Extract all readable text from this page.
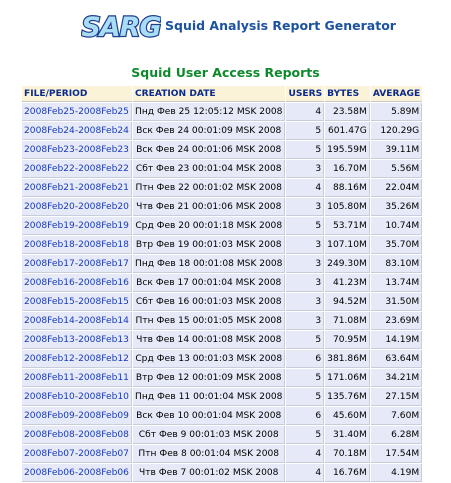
SARG Squid Analysis Report Generator
Squid User Access Reports
FILE/PERIOD	CREATION DATE	USERS	BYTES	AVERAGE
2008Feb25-2008Feb25	Пнд Фев 25 12:05:12 MSK 2008	4	23.58M	5.89M
2008Feb24-2008Feb24	Вск Фев 24 00:01:09 MSK 2008	5	601.47G	120.29G
2008Feb23-2008Feb23	Вск Фев 24 00:01:06 MSK 2008	5	195.59M	39.11M
2008Feb22-2008Feb22	Сбт Фев 23 00:01:04 MSK 2008	3	16.70M	5.56M
2008Feb21-2008Feb21	Птн Фев 22 00:01:02 MSK 2008	4	88.16M	22.04M
2008Feb20-2008Feb20	Чтв Фев 21 00:01:06 MSK 2008	3	105.80M	35.26M
2008Feb19-2008Feb19	Срд Фев 20 00:01:18 MSK 2008	5	53.71M	10.74M
2008Feb18-2008Feb18	Втр Фев 19 00:01:03 MSK 2008	3	107.10M	35.70M
2008Feb17-2008Feb17	Пнд Фев 18 00:01:08 MSK 2008	3	249.30M	83.10M
2008Feb16-2008Feb16	Вск Фев 17 00:01:04 MSK 2008	3	41.23M	13.74M
2008Feb15-2008Feb15	Сбт Фев 16 00:01:03 MSK 2008	3	94.52M	31.50M
2008Feb14-2008Feb14	Птн Фев 15 00:01:05 MSK 2008	3	71.08M	23.69M
2008Feb13-2008Feb13	Чтв Фев 14 00:01:08 MSK 2008	5	70.95M	14.19M
2008Feb12-2008Feb12	Срд Фев 13 00:01:03 MSK 2008	6	381.86M	63.64M
2008Feb11-2008Feb11	Втр Фев 12 00:01:09 MSK 2008	5	171.06M	34.21M
2008Feb10-2008Feb10	Пнд Фев 11 00:01:04 MSK 2008	5	135.76M	27.15M
2008Feb09-2008Feb09	Вск Фев 10 00:01:04 MSK 2008	6	45.60M	7.60M
2008Feb08-2008Feb08	Сбт Фев 9 00:01:03 MSK 2008	5	31.40M	6.28M
2008Feb07-2008Feb07	Птн Фев 8 00:01:04 MSK 2008	4	70.18M	17.54M
2008Feb06-2008Feb06	Чтв Фев 7 00:01:02 MSK 2008	4	16.76M	4.19M
